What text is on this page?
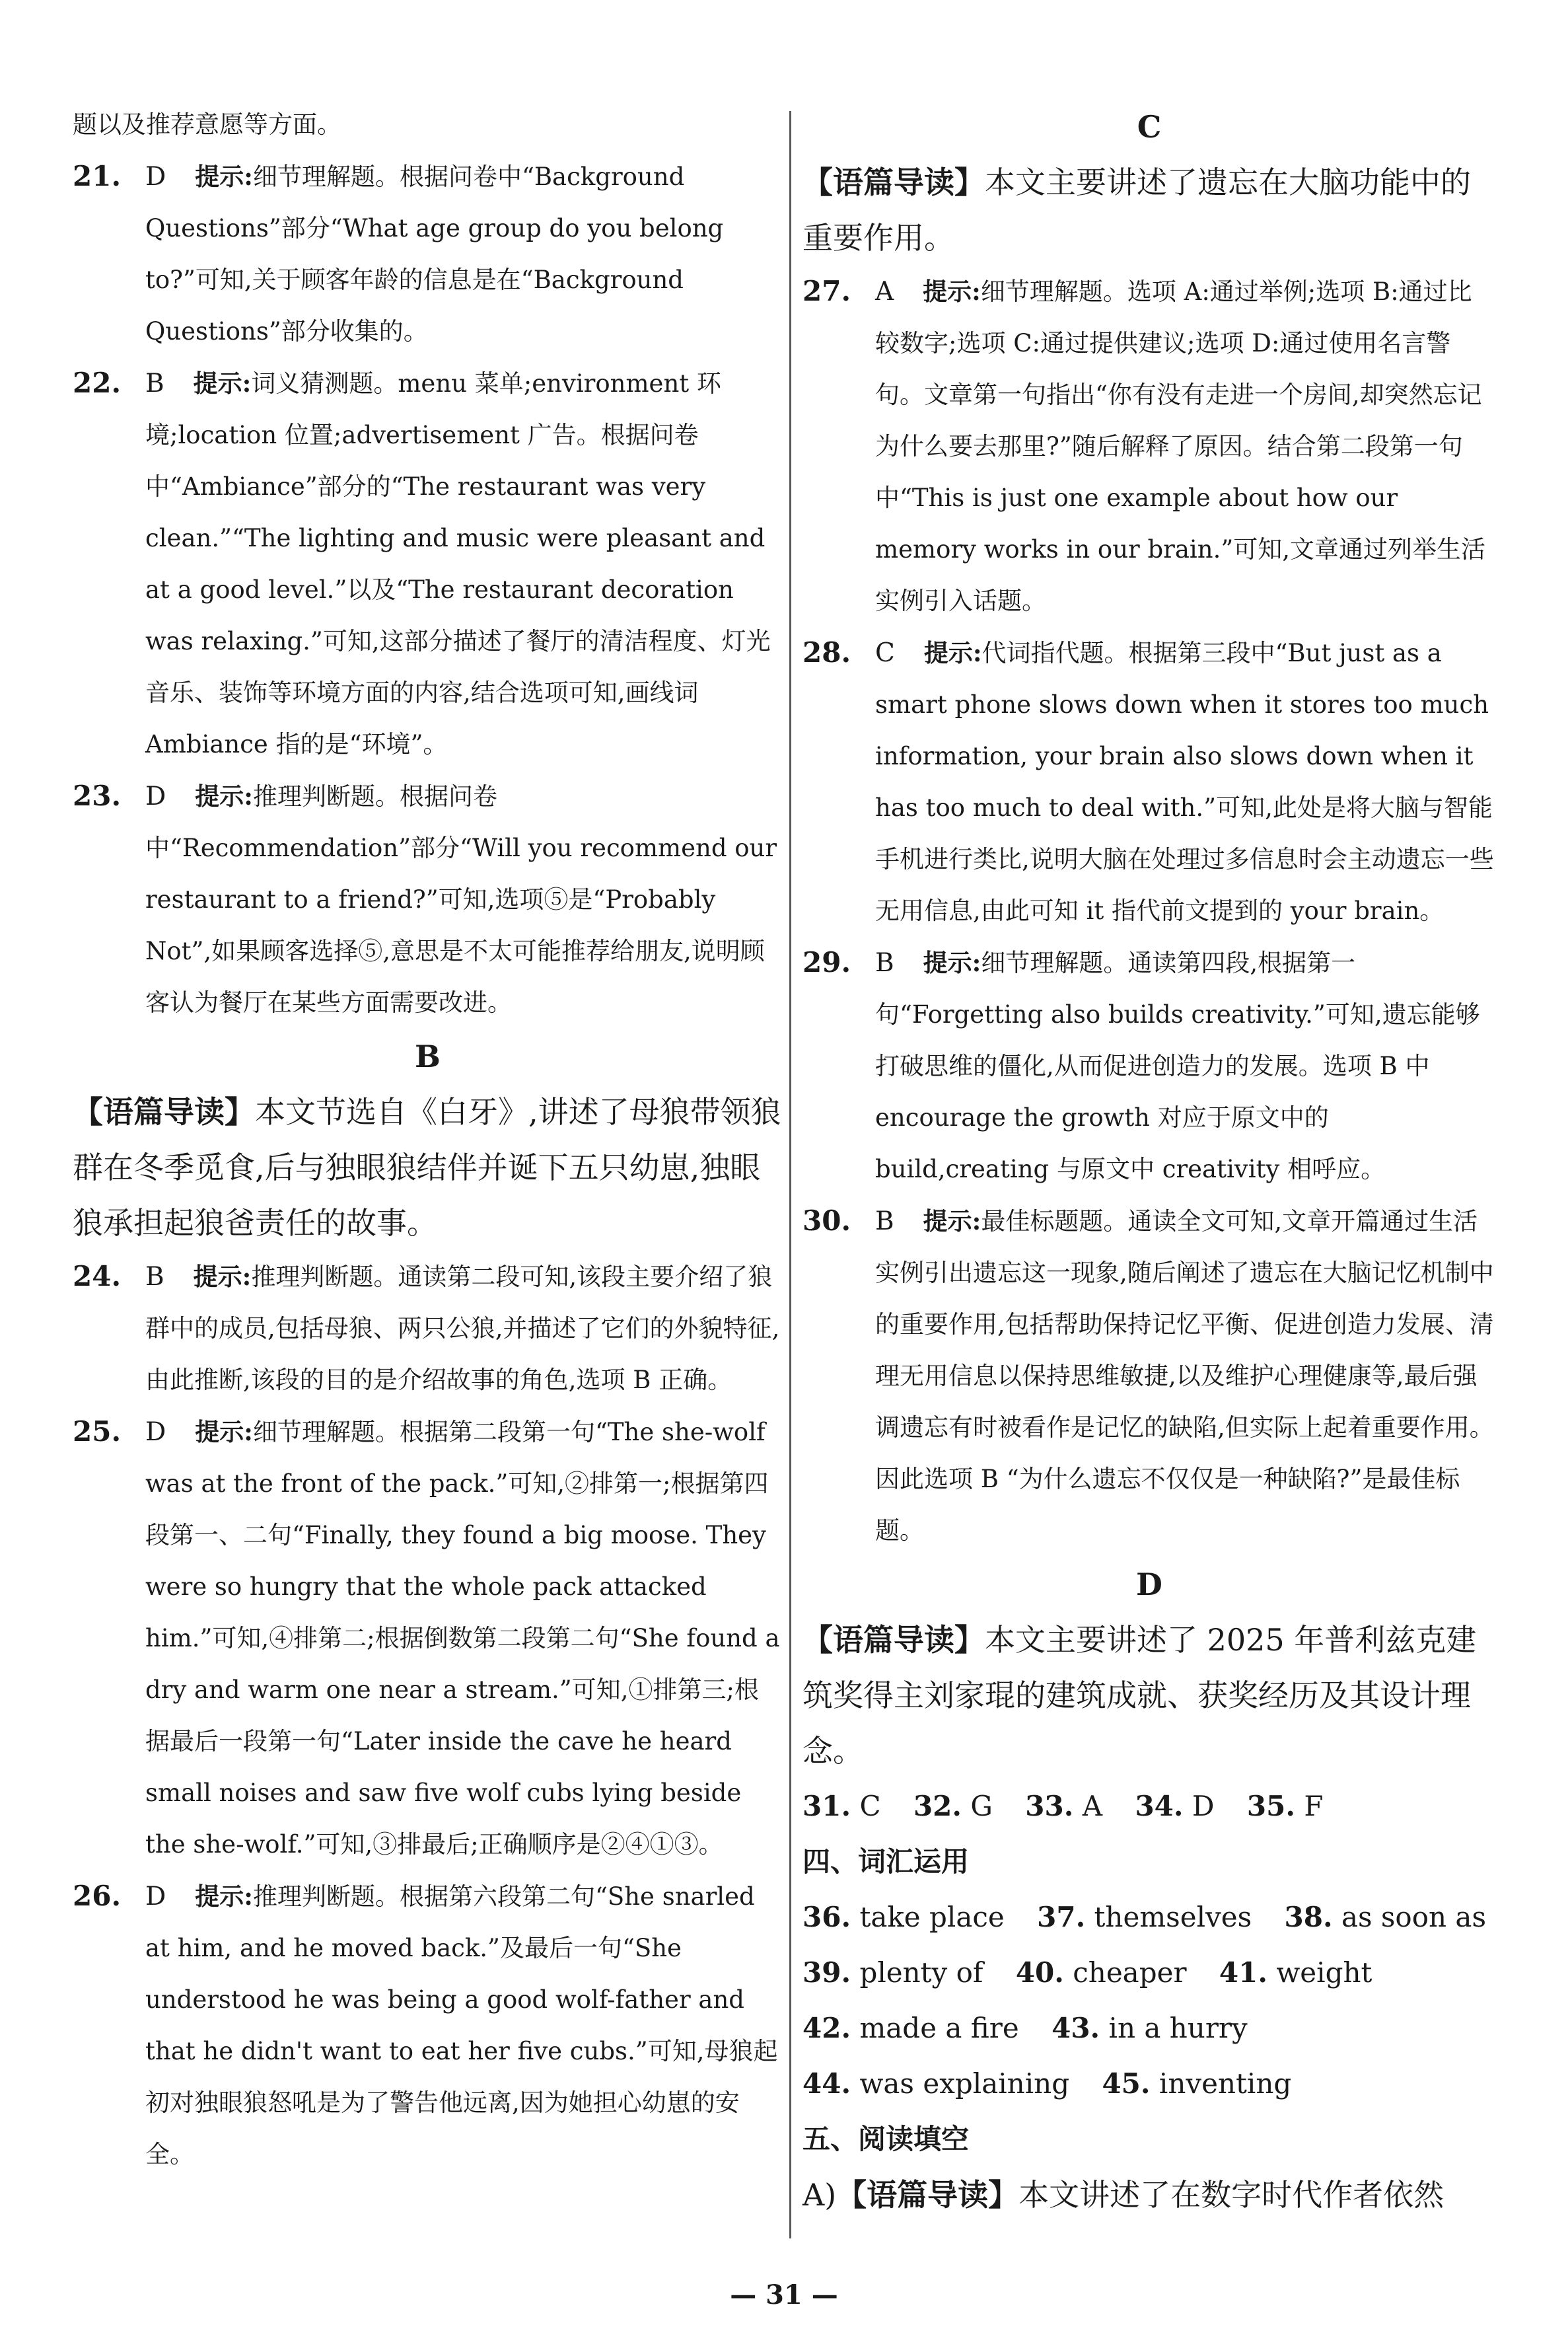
题以及推荐意愿等方面。

21. D 提示:细节理解题。根据问卷中“Background Questions”部分“What age group do you belong to?”可知,关于顾客年龄的信息是在“Background Questions”部分收集的。
22. B 提示:词义猜测题。menu 菜单;environment 环境;location 位置;advertisement 广告。根据问卷中“Ambiance”部分的“The restaurant was very clean.”“The lighting and music were pleasant and at a good level.”以及“The restaurant decoration was relaxing.”可知,这部分描述了餐厅的清洁程度、灯光音乐、装饰等环境方面的内容,结合选项可知,画线词 Ambiance 指的是“环境”。
23. D 提示:推理判断题。根据问卷中“Recommendation”部分“Will you recommend our restaurant to a friend?”可知,选项⑤是“Probably Not”,如果顾客选择⑤,意思是不太可能推荐给朋友,说明顾客认为餐厅在某些方面需要改进。

B

【语篇导读】本文节选自《白牙》,讲述了母狼带领狼群在冬季觅食,后与独眼狼结伴并诞下五只幼崽,独眼狼承担起狼爸责任的故事。

24. B 提示:推理判断题。通读第二段可知,该段主要介绍了狼群中的成员,包括母狼、两只公狼,并描述了它们的外貌特征,由此推断,该段的目的是介绍故事的角色,选项 B 正确。
25. D 提示:细节理解题。根据第二段第一句“The she-wolf was at the front of the pack.”可知,②排第一;根据第四段第一、二句“Finally, they found a big moose. They were so hungry that the whole pack attacked him.”可知,④排第二;根据倒数第二段第二句“She found a dry and warm one near a stream.”可知,①排第三;根据最后一段第一句“Later inside the cave he heard small noises and saw five wolf cubs lying beside the she-wolf.”可知,③排最后;正确顺序是②④①③。
26. D 提示:推理判断题。根据第六段第二句“She snarled at him, and he moved back.”及最后一句“She understood he was being a good wolf-father and that he didn't want to eat her five cubs.”可知,母狼起初对独眼狼怒吼是为了警告他远离,因为她担心幼崽的安全。

C

【语篇导读】本文主要讲述了遗忘在大脑功能中的重要作用。

27. A 提示:细节理解题。选项 A:通过举例;选项 B:通过比较数字;选项 C:通过提供建议;选项 D:通过使用名言警句。文章第一句指出“你有没有走进一个房间,却突然忘记为什么要去那里?”随后解释了原因。结合第二段第一句中“This is just one example about how our memory works in our brain.”可知,文章通过列举生活实例引入话题。
28. C 提示:代词指代题。根据第三段中“But just as a smart phone slows down when it stores too much information, your brain also slows down when it has too much to deal with.”可知,此处是将大脑与智能手机进行类比,说明大脑在处理过多信息时会主动遗忘一些无用信息,由此可知 it 指代前文提到的 your brain。
29. B 提示:细节理解题。通读第四段,根据第一句“Forgetting also builds creativity.”可知,遗忘能够打破思维的僵化,从而促进创造力的发展。选项 B 中 encourage the growth 对应于原文中的 build,creating 与原文中 creativity 相呼应。
30. B 提示:最佳标题题。通读全文可知,文章开篇通过生活实例引出遗忘这一现象,随后阐述了遗忘在大脑记忆机制中的重要作用,包括帮助保持记忆平衡、促进创造力发展、清理无用信息以保持思维敏捷,以及维护心理健康等,最后强调遗忘有时被看作是记忆的缺陷,但实际上起着重要作用。因此选项 B “为什么遗忘不仅仅是一种缺陷?”是最佳标题。

D

【语篇导读】本文主要讲述了 2025 年普利兹克建筑奖得主刘家琨的建筑成就、获奖经历及其设计理念。

31. C 32. G 33. A 34. D 35. F

四、词汇运用

36. take place 37. themselves 38. as soon as

39. plenty of 40. cheaper 41. weight

42. made a fire 43. in a hurry

44. was explaining 45. inventing

五、阅读填空

A)【语篇导读】本文讲述了在数字时代作者依然

— 31 —
